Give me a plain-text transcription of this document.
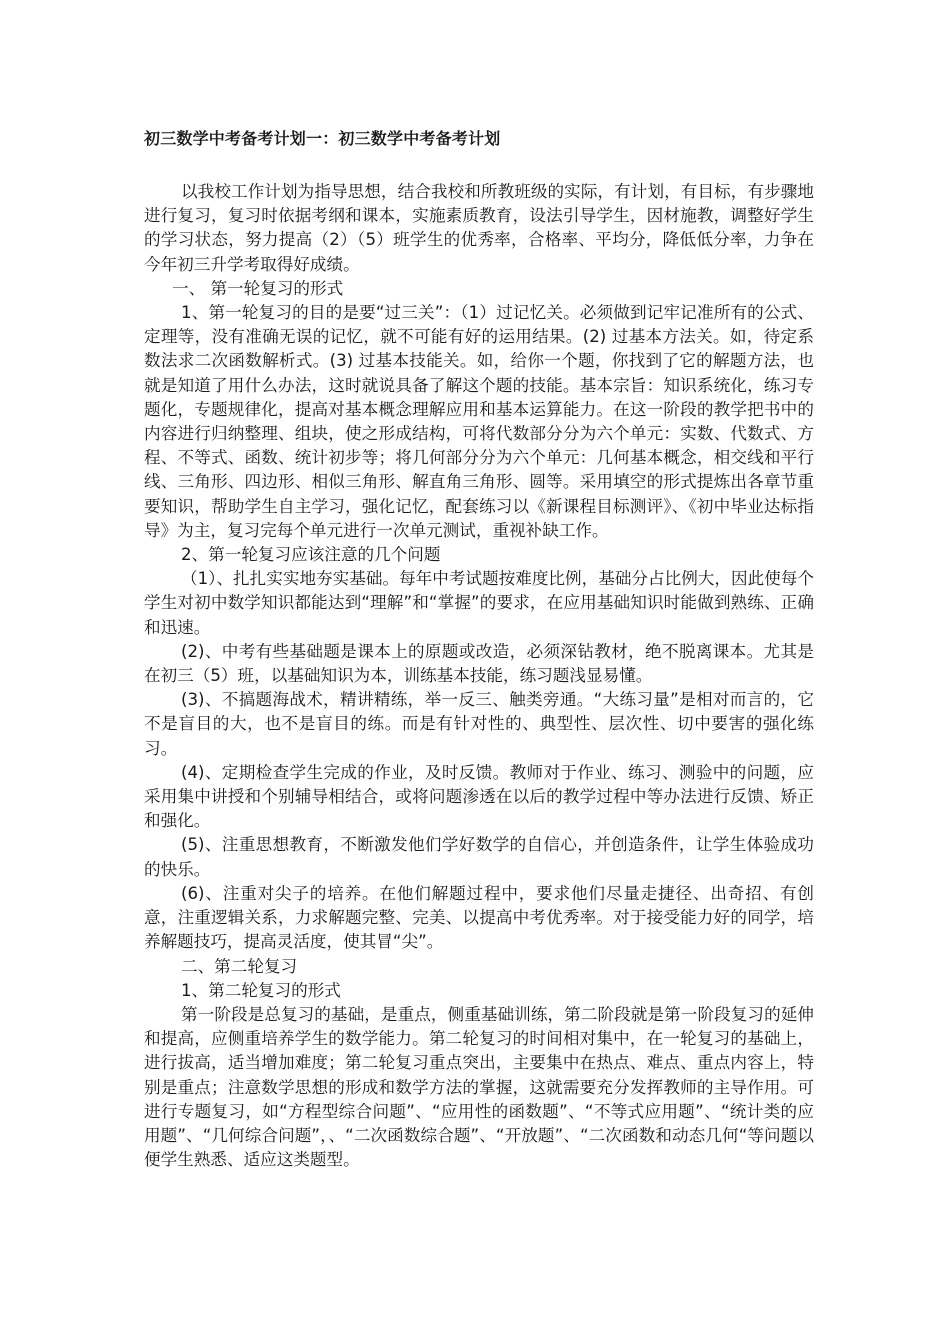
初三数学中考备考计划一：初三数学中考备考计划

以我校工作计划为指导思想，结合我校和所教班级的实际，有计划，有目标，有步骤地进行复习，复习时依据考纲和课本，实施素质教育，设法引导学生，因材施教，调整好学生的学习状态，努力提高（2）（5）班学生的优秀率，合格率、平均分，降低低分率，力争在今年初三升学考取得好成绩。

一、 第一轮复习的形式

1、第一轮复习的目的是要“过三关”：（1）过记忆关。必须做到记牢记准所有的公式、定理等，没有准确无误的记忆，就不可能有好的运用结果。(2) 过基本方法关。如，待定系数法求二次函数解析式。(3) 过基本技能关。如，给你一个题，你找到了它的解题方法，也就是知道了用什么办法，这时就说具备了解这个题的技能。基本宗旨：知识系统化，练习专题化，专题规律化，提高对基本概念理解应用和基本运算能力。在这一阶段的教学把书中的内容进行归纳整理、组块，使之形成结构，可将代数部分分为六个单元：实数、代数式、方程、不等式、函数、统计初步等；将几何部分分为六个单元：几何基本概念，相交线和平行线、三角形、四边形、相似三角形、解直角三角形、圆等。采用填空的形式提炼出各章节重要知识，帮助学生自主学习，强化记忆，配套练习以《新课程目标测评》、《初中毕业达标指导》为主，复习完每个单元进行一次单元测试，重视补缺工作。

2、第一轮复习应该注意的几个问题

（1）、扎扎实实地夯实基础。每年中考试题按难度比例，基础分占比例大，因此使每个学生对初中数学知识都能达到“理解”和“掌握”的要求，在应用基础知识时能做到熟练、正确和迅速。

(2)、中考有些基础题是课本上的原题或改造，必须深钻教材，绝不脱离课本。尤其是在初三（5）班，以基础知识为本，训练基本技能，练习题浅显易懂。

(3)、不搞题海战术，精讲精练，举一反三、触类旁通。“大练习量”是相对而言的，它不是盲目的大，也不是盲目的练。而是有针对性的、典型性、层次性、切中要害的强化练习。

(4)、定期检查学生完成的作业，及时反馈。教师对于作业、练习、测验中的问题，应采用集中讲授和个别辅导相结合，或将问题渗透在以后的教学过程中等办法进行反馈、矫正和强化。

(5)、注重思想教育，不断激发他们学好数学的自信心，并创造条件，让学生体验成功的快乐。

(6)、注重对尖子的培养。在他们解题过程中，要求他们尽量走捷径、出奇招、有创意，注重逻辑关系，力求解题完整、完美、以提高中考优秀率。对于接受能力好的同学，培养解题技巧，提高灵活度，使其冒“尖”。

二、第二轮复习

1、第二轮复习的形式

第一阶段是总复习的基础，是重点，侧重基础训练，第二阶段就是第一阶段复习的延伸和提高，应侧重培养学生的数学能力。第二轮复习的时间相对集中，在一轮复习的基础上，进行拔高，适当增加难度；第二轮复习重点突出，主要集中在热点、难点、重点内容上，特别是重点；注意数学思想的形成和数学方法的掌握，这就需要充分发挥教师的主导作用。可进行专题复习，如“方程型综合问题”、“应用性的函数题”、“不等式应用题”、“统计类的应用题”、“几何综合问题”，、“二次函数综合题”、“开放题”、“二次函数和动态几何“等问题以便学生熟悉、适应这类题型。
